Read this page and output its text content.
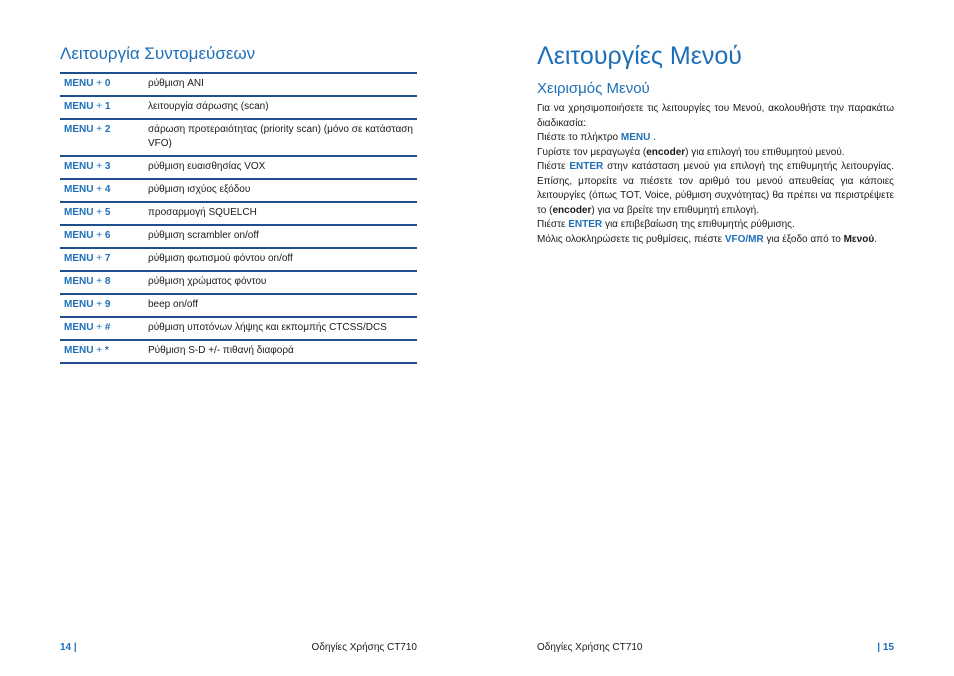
Λειτουργία Συντομεύσεων
MENU + 0	ρύθμιση ANI
MENU + 1	λειτουργία σάρωσης (scan)
MENU + 2	σάρωση προτεραιότητας (priority scan) (μόνο σε κατάσταση VFO)
MENU + 3	ρύθμιση ευαισθησίας VOX
MENU + 4	ρύθμιση ισχύος εξόδου
MENU + 5	προσαρμογή SQUELCH
MENU + 6	ρύθμιση scrambler on/off
MENU + 7	ρύθμιση φωτισμού φόντου on/off
MENU + 8	ρύθμιση χρώματος φόντου
MENU + 9	beep on/off
MENU + #	ρύθμιση υποτόνων λήψης και εκπομπής CTCSS/DCS
MENU + *	Ρύθμιση S-D +/- πιθανή διαφορά
14 |	Οδηγίες Χρήσης CT710
Λειτουργίες Μενού
Χειρισμός Μενού

Για να χρησιμοποιήσετε τις λειτουργίες του Μενού, ακολουθήστε την παρακάτω διαδικασία:

Πιέστε το πλήκτρο MENU .

Γυρίστε τον μεραγωγέα (encoder) για επιλογή του επιθυμητού μενού.

Πιέστε ENTER στην κατάσταση μενού για επιλογή της επιθυμητής λειτουργίας. Επίσης, μπορείτε να πιέσετε τον αριθμό του μενού απευθείας για κάποιες λειτουργίες (όπως TOT, Voice, ρύθμιση συχνότητας) θα πρέπει να περιστρέψετε το (encoder) για να βρείτε την επιθυμητή επιλογή.

Πιέστε ENTER για επιβεβαίωση της επιθυμητής ρύθμισης.

Μόλις ολοκληρώσετε τις ρυθμίσεις, πιέστε VFO/MR για έξοδο από το Μενού.

Οδηγίες Χρήσης CT710	| 15
